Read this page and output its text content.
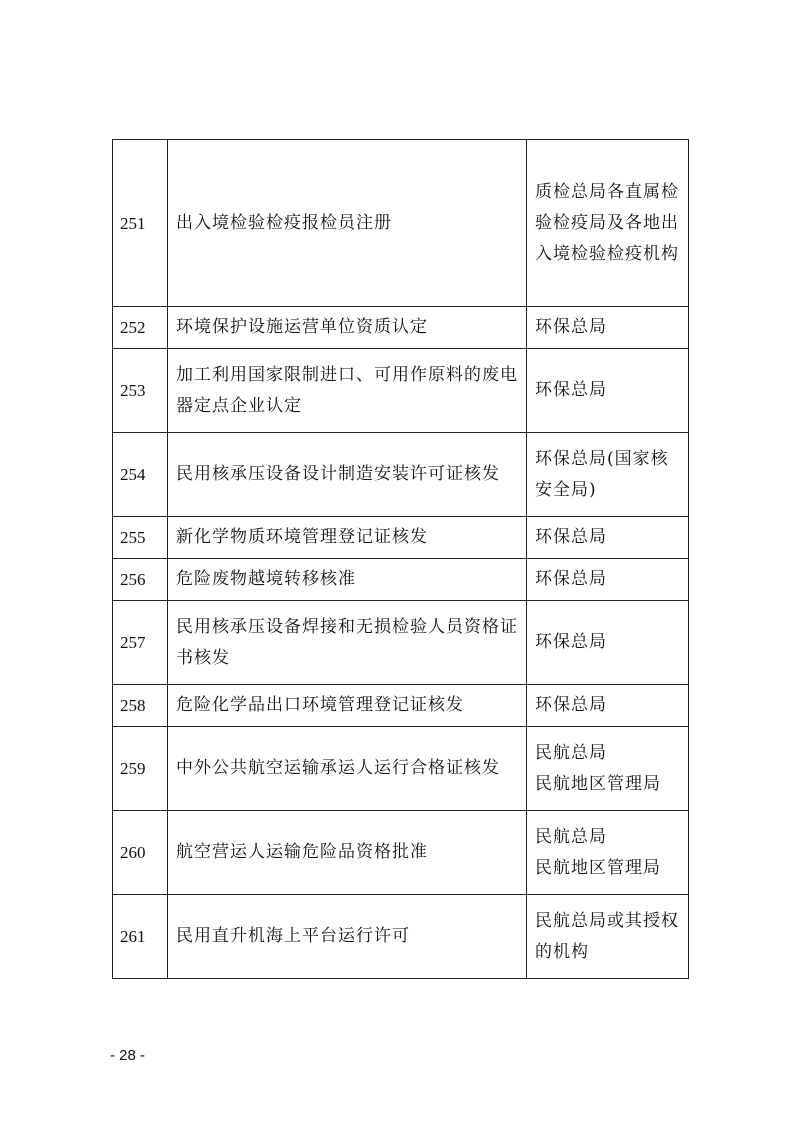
251	出入境检验检疫报检员注册	质检总局各直属检验检疫局及各地出入境检验检疫机构
252	环境保护设施运营单位资质认定	环保总局
253	加工利用国家限制进口、可用作原料的废电器定点企业认定	环保总局
254	民用核承压设备设计制造安装许可证核发	环保总局(国家核安全局)
255	新化学物质环境管理登记证核发	环保总局
256	危险废物越境转移核准	环保总局
257	民用核承压设备焊接和无损检验人员资格证书核发	环保总局
258	危险化学品出口环境管理登记证核发	环保总局
259	中外公共航空运输承运人运行合格证核发	民航总局
民航地区管理局
260	航空营运人运输危险品资格批准	民航总局
民航地区管理局
261	民用直升机海上平台运行许可	民航总局或其授权的机构
- 28 -
